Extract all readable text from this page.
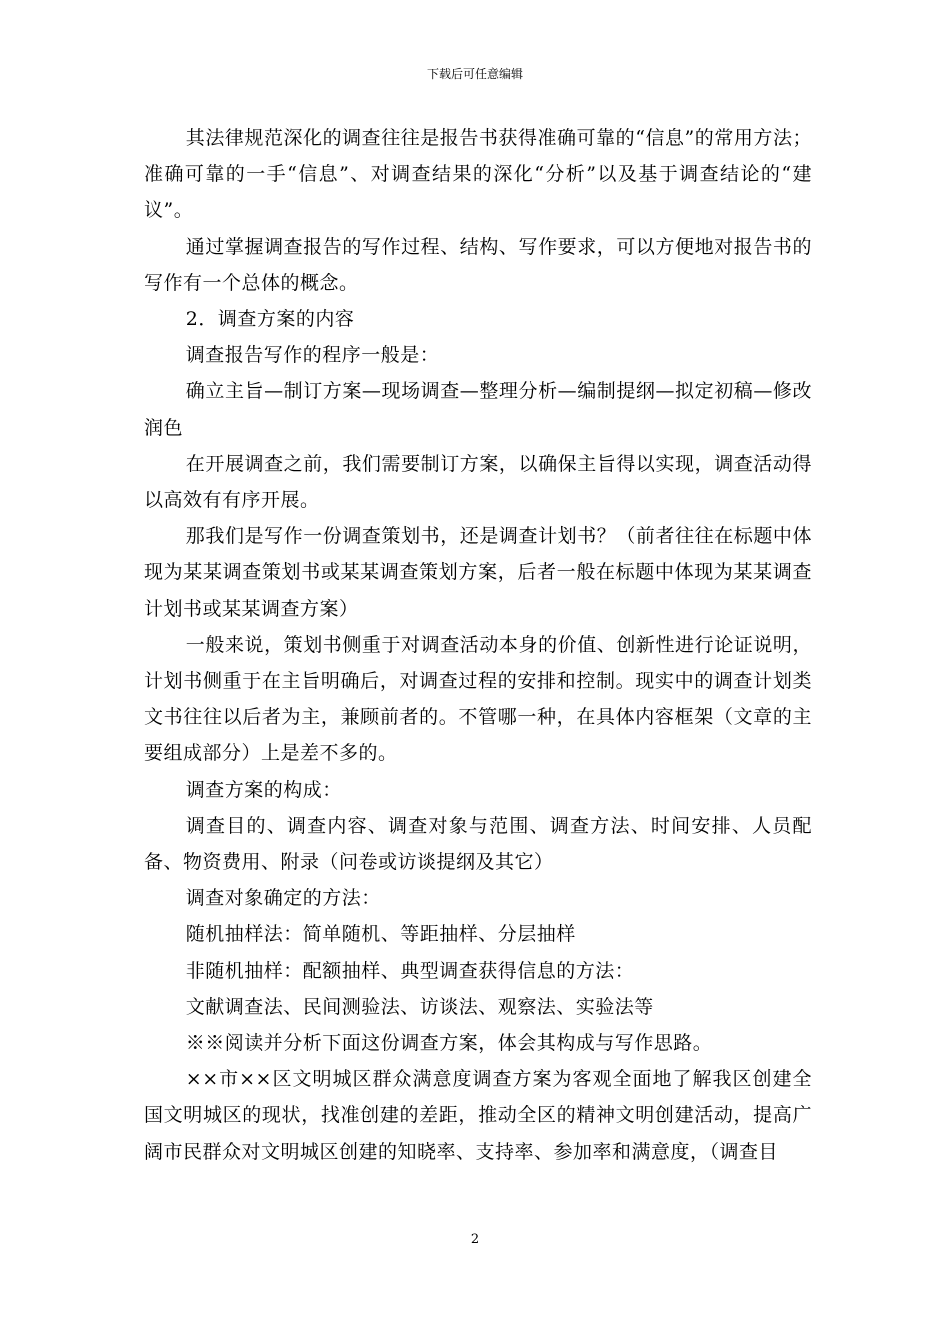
下载后可任意编辑

其法律规范深化的调查往往是报告书获得准确可靠的“信息”的常用方法；准确可靠的一手“信息”、对调查结果的深化“分析”以及基于调查结论的“建议”。

通过掌握调查报告的写作过程、结构、写作要求，可以方便地对报告书的写作有一个总体的概念。

2．调查方案的内容

调查报告写作的程序一般是：

确立主旨—制订方案—现场调查—整理分析—编制提纲—拟定初稿—修改润色

在开展调查之前，我们需要制订方案，以确保主旨得以实现，调查活动得以高效有有序开展。

那我们是写作一份调查策划书，还是调查计划书？（前者往往在标题中体现为某某调查策划书或某某调查策划方案，后者一般在标题中体现为某某调查计划书或某某调查方案）

一般来说，策划书侧重于对调查活动本身的价值、创新性进行论证说明，计划书侧重于在主旨明确后，对调查过程的安排和控制。现实中的调查计划类文书往往以后者为主，兼顾前者的。不管哪一种，在具体内容框架（文章的主要组成部分）上是差不多的。

调查方案的构成：

调查目的、调查内容、调查对象与范围、调查方法、时间安排、人员配备、物资费用、附录（问卷或访谈提纲及其它）

调查对象确定的方法：

随机抽样法：简单随机、等距抽样、分层抽样

非随机抽样：配额抽样、典型调查获得信息的方法：

文献调查法、民间测验法、访谈法、观察法、实验法等

※※阅读并分析下面这份调查方案，体会其构成与写作思路。

××市××区文明城区群众满意度调查方案为客观全面地了解我区创建全国文明城区的现状，找准创建的差距，推动全区的精神文明创建活动，提高广阔市民群众对文明城区创建的知晓率、支持率、参加率和满意度，（调查目

2
